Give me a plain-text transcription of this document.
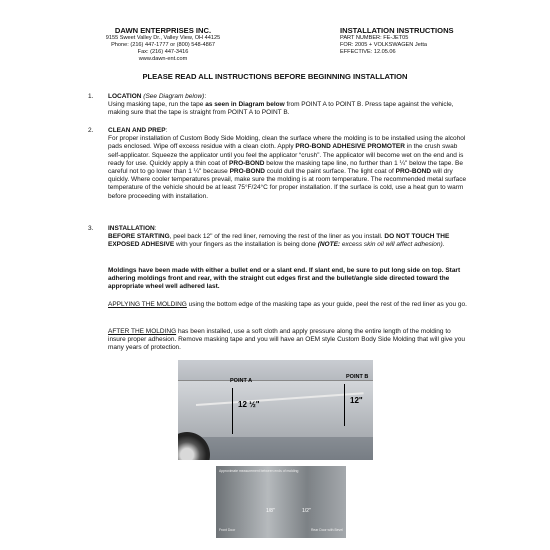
DAWN ENTERPRISES INC.
9155 Sweet Valley Dr., Valley View, OH 44125
Phone: (216) 447-1777 or (800) 548-4867
Fax: (216) 447-3416
www.dawn-ent.com
INSTALLATION INSTRUCTIONS
PART NUMBER: FE-JET05
FOR: 2005 + VOLKSWAGEN Jetta
EFFECTIVE: 12.05.06
PLEASE READ ALL INSTRUCTIONS BEFORE BEGINNING INSTALLATION
1. LOCATION (See Diagram below):
Using masking tape, run the tape as seen in Diagram below from POINT A to POINT B. Press tape against the vehicle, making sure that the tape is straight from POINT A to POINT B.
2. CLEAN AND PREP:
For proper installation of Custom Body Side Molding, clean the surface where the molding is to be installed using the alcohol pads enclosed. Wipe off excess residue with a clean cloth. Apply PRO-BOND ADHESIVE PROMOTER in the crush swab self-applicator. Squeeze the applicator until you feel the applicator “crush”. The applicator will become wet on the end and is ready for use. Quickly apply a thin coat of PRO-BOND below the masking tape line, no further than 1 ¼" below the tape. Be careful not to go lower than 1 ¼" because PRO-BOND could dull the paint surface. The light coat of PRO-BOND will dry quickly. Where cooler temperatures prevail, make sure the molding is at room temperature. The recommended metal surface temperature of the vehicle should be at least 75°F/24°C for proper installation. If the surface is cold, use a heat gun to warm before proceeding with installation.
3. INSTALLATION:
BEFORE STARTING, peel back 12" of the red liner, removing the rest of the liner as you install. DO NOT TOUCH THE EXPOSED ADHESIVE with your fingers as the installation is being done (NOTE: excess skin oil will affect adhesion).
Moldings have been made with either a bullet end or a slant end. If slant end, be sure to put long side on top. Start adhering moldings front and rear, with the straight cut edges first and the bullet/angle side directed toward the appropriate wheel well adhered last.
APPLYING THE MOLDING using the bottom edge of the masking tape as your guide, peel the rest of the red liner as you go.
AFTER THE MOLDING has been installed, use a soft cloth and apply pressure along the entire length of the molding to insure proper adhesion. Remove masking tape and you will have an OEM style Custom Body Side Molding that will give you many years of protection.
POINT A
POINT B
12 ½"	12"
Approximate measurement between ends of molding
1/8"	1/2"
Front Door	Rear Door with Bevel
